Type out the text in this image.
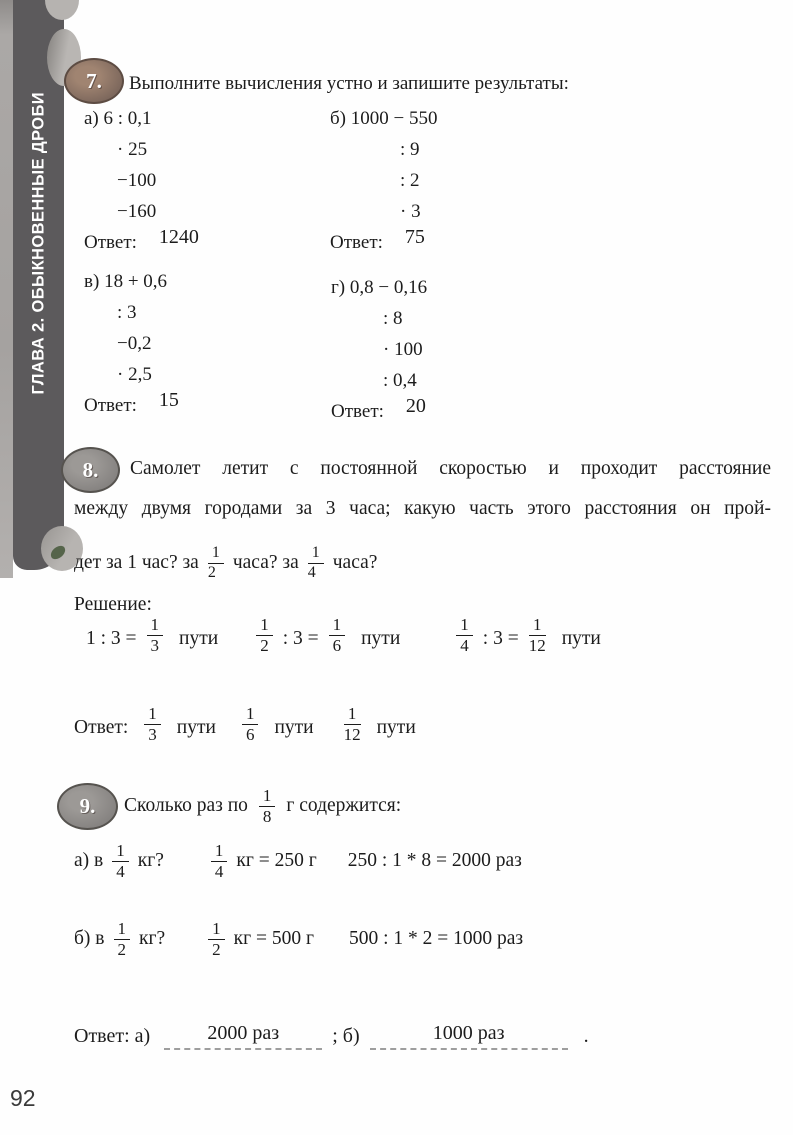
ГЛАВА 2. ОБЫКНОВЕННЫЕ ДРОБИ
7.	Выполните вычисления устно и запишите результаты:
а) 6 : 0,1
· 25
−100
−160
Ответ: 1240
б) 1000 − 550
: 9
: 2
· 3
Ответ: 75
в) 18 + 0,6
: 3
−0,2
· 2,5
Ответ: 15
г) 0,8 − 0,16
: 8
· 100
: 0,4
Ответ: 20
8.	Самолет летит с постоянной скоростью и проходит расстояние
между двумя городами за 3 часа; какую часть этого расстояния он прой-
дет за 1 час? за $\frac{1}{2}$ часа? за $\frac{1}{4}$ часа?
Решение:
1 : $3 = \frac{1}{3}$ пути $\frac{1}{2}$ : $3 = \frac{1}{6}$ пути	$\frac{1}{4}$ : $3 = \frac{1}{12}$ пути
Ответ: $\frac{1}{3}$ пути $\frac{1}{6}$ пути $\frac{1}{12}$ пути
9.	Сколько раз по $\frac{1}{8}$ г содержится:
а) в $\frac{1}{4}$ кг?	$\frac{1}{4}$ кг = 250 г 250 : 1 * 8 = 2000 раз
б) в $\frac{1}{2}$ кг?	$\frac{1}{2}$ кг = 500 г 500 : 1 * 2 = 1000 раз
Ответ: а)	2000 раз	; б)	1000 раз	.
92
